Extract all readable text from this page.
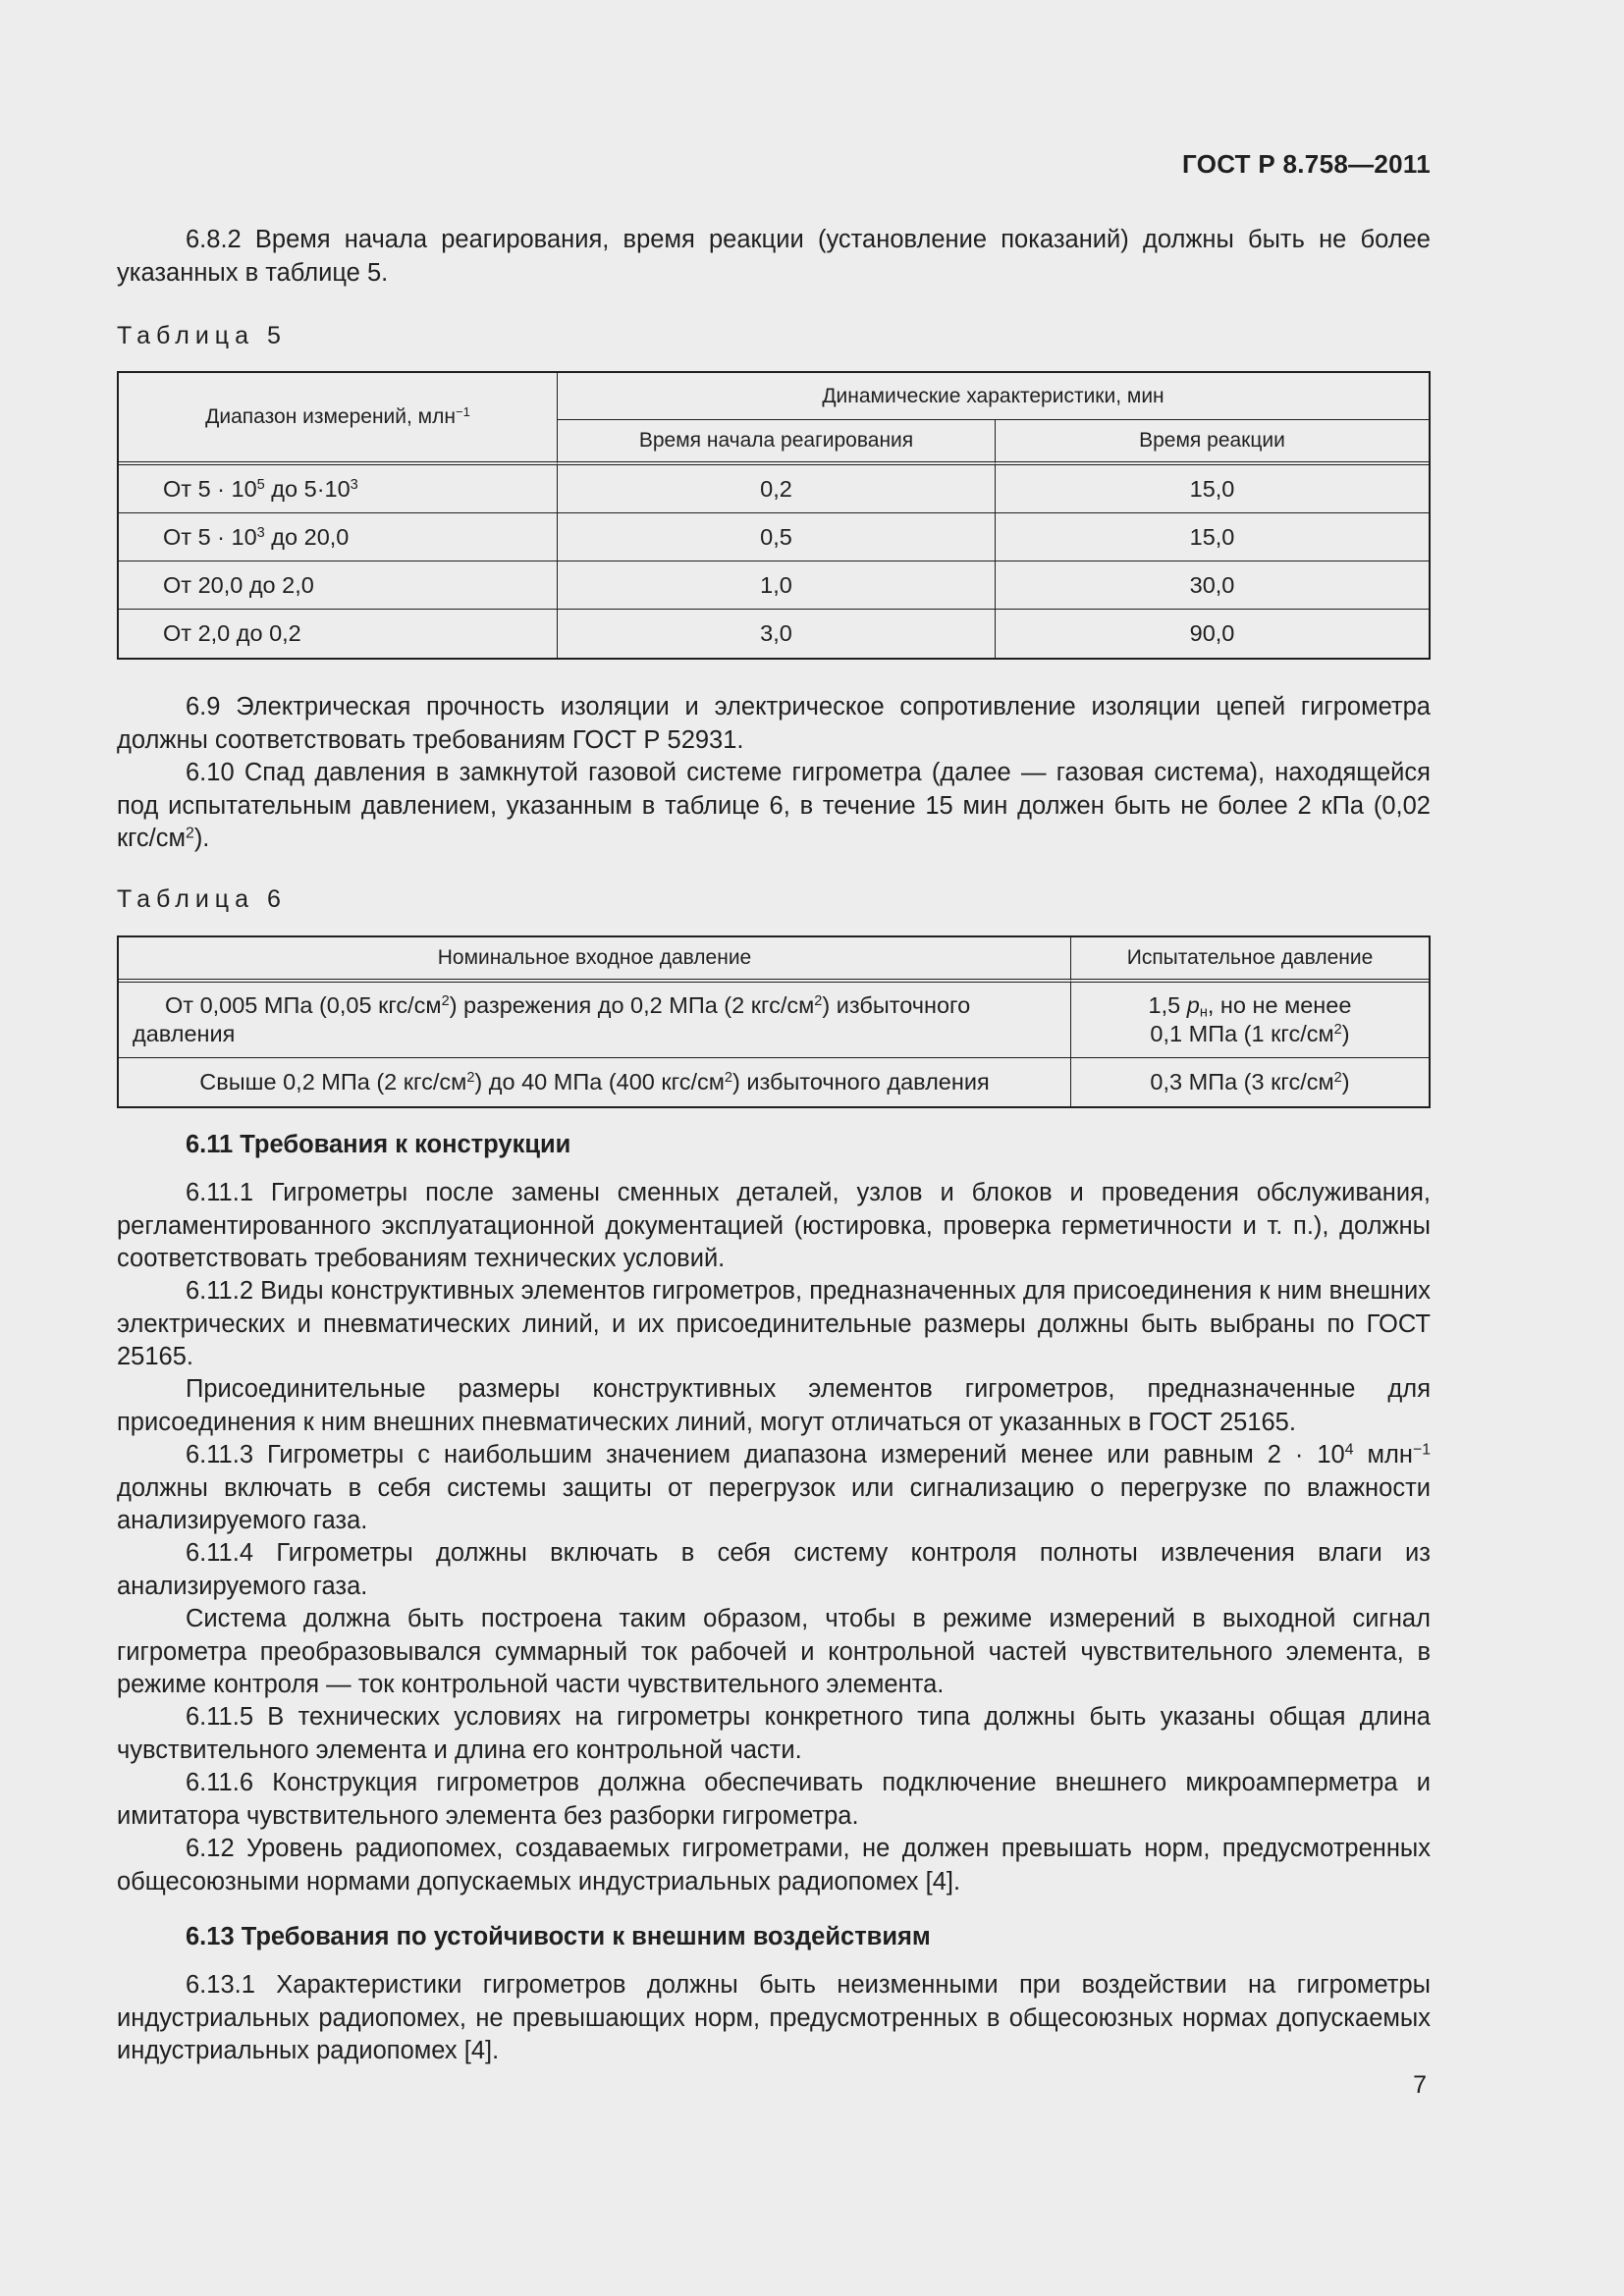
ГОСТ Р 8.758—2011

6.8.2 Время начала реагирования, время реакции (установление показаний) должны быть не более указанных в таблице 5.

Таблица 5
Диапазон измерений, млн$^{-1}$	Динамические характеристики, мин	
	Время начала реагирования	Время реакции
От $5 \cdot 10^5$ до $5\cdot 10^3$	0,2	15,0
От $5 \cdot 10^3$ до 20,0	0,5	15,0
От 20,0 до 2,0	1,0	30,0
От 2,0 до 0,2	3,0	90,0

6.9 Электрическая прочность изоляции и электрическое сопротивление изоляции цепей гигрометра должны соответствовать требованиям ГОСТ Р 52931.

6.10 Спад давления в замкнутой газовой системе гигрометра (далее — газовая система), находящейся под испытательным давлением, указанным в таблице 6, в течение 15 мин должен быть не более 2 кПа (0,02 кгс/$см^2$).

Таблица 6
Номинальное входное давление	Испытательное давление
От 0,005 МПа (0,05 кгс/$см^2$) разрежения до 0,2 МПа (2 кгс/$см^2$) избыточного давления	1,5 $p_н$, но не менее
0,1 МПа (1 кгс/$см^2$)
Свыше 0,2 МПа (2 кгс/$см^2$) до 40 МПа (400 кгс/$см^2$) избыточного давления	0,3 МПа (3 кгс/$см^2$)
6.11 Требования к конструкции

6.11.1 Гигрометры после замены сменных деталей, узлов и блоков и проведения обслуживания, регламентированного эксплуатационной документацией (юстировка, проверка герметичности и т. п.), должны соответствовать требованиям технических условий.

6.11.2 Виды конструктивных элементов гигрометров, предназначенных для присоединения к ним внешних электрических и пневматических линий, и их присоединительные размеры должны быть выбраны по ГОСТ 25165.

Присоединительные размеры конструктивных элементов гигрометров, предназначенные для присоединения к ним внешних пневматических линий, могут отличаться от указанных в ГОСТ 25165.

6.11.3 Гигрометры с наибольшим значением диапазона измерений менее или равным $2 \cdot 10^4$ млн$^{-1}$ должны включать в себя системы защиты от перегрузок или сигнализацию о перегрузке по влажности анализируемого газа.

6.11.4 Гигрометры должны включать в себя систему контроля полноты извлечения влаги из анализируемого газа.

Система должна быть построена таким образом, чтобы в режиме измерений в выходной сигнал гигрометра преобразовывался суммарный ток рабочей и контрольной частей чувствительного элемента, в режиме контроля — ток контрольной части чувствительного элемента.

6.11.5 В технических условиях на гигрометры конкретного типа должны быть указаны общая длина чувствительного элемента и длина его контрольной части.

6.11.6 Конструкция гигрометров должна обеспечивать подключение внешнего микроамперметра и имитатора чувствительного элемента без разборки гигрометра.

6.12 Уровень радиопомех, создаваемых гигрометрами, не должен превышать норм, предусмотренных общесоюзными нормами допускаемых индустриальных радиопомех [4].

6.13 Требования по устойчивости к внешним воздействиям

6.13.1 Характеристики гигрометров должны быть неизменными при воздействии на гигрометры индустриальных радиопомех, не превышающих норм, предусмотренных в общесоюзных нормах допускаемых индустриальных радиопомех [4].

7
